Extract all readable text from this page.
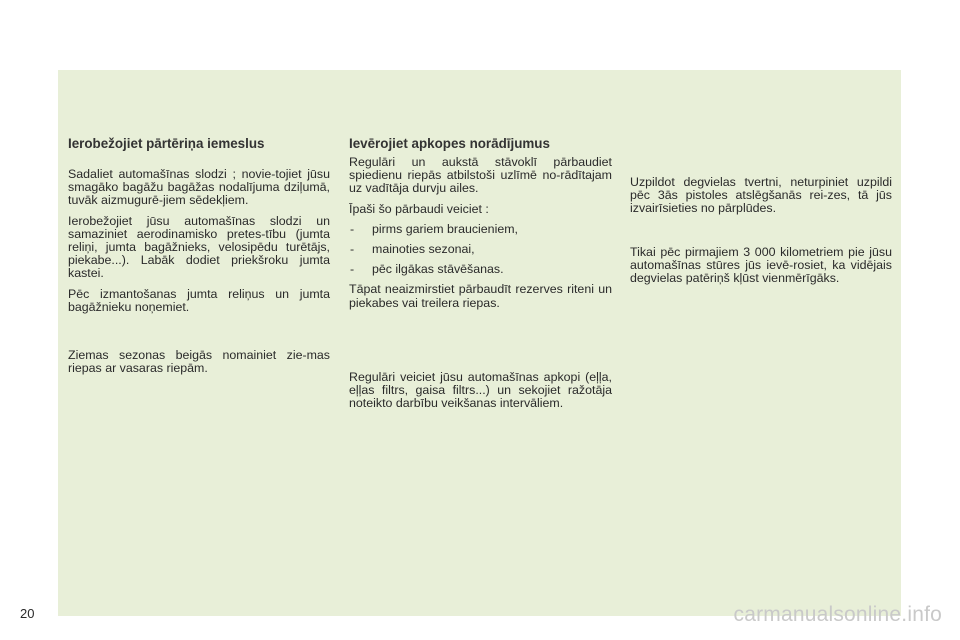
Ierobežojiet pārtēriņa iemeslus

Sadaliet automašīnas slodzi ; novie-tojiet jūsu smagāko bagāžu bagāžas nodalījuma dziļumā, tuvāk aizmugurē-jiem sēdekļiem.

Ierobežojiet jūsu automašīnas slodzi un samaziniet aerodinamisko pretes-tību (jumta reliņi, jumta bagāžnieks, velosipēdu turētājs, piekabe...). Labāk dodiet priekšroku jumta kastei.

Pēc izmantošanas jumta reliņus un jumta bagāžnieku noņemiet.

Ziemas sezonas beigās nomainiet zie-mas riepas ar vasaras riepām.

Ievērojiet apkopes norādījumus

Regulāri un aukstā stāvoklī pārbaudiet spiedienu riepās atbilstoši uzlīmē no-rādītajam uz vadītāja durvju ailes.

Īpaši šo pārbaudi veiciet :

- pirms gariem braucieniem,
- mainoties sezonai,
- pēc ilgākas stāvēšanas.

Tāpat neaizmirstiet pārbaudīt rezerves riteni un piekabes vai treilera riepas.

Regulāri veiciet jūsu automašīnas apkopi (eļļa, eļļas filtrs, gaisa filtrs...) un sekojiet ražotāja noteikto darbību veikšanas intervāliem.

Uzpildot degvielas tvertni, neturpiniet uzpildi pēc 3ās pistoles atslēgšanās rei-zes, tā jūs izvairīsieties no pārplūdes.

Tikai pēc pirmajiem 3 000 kilometriem pie jūsu automašīnas stūres jūs ievē-rosiet, ka vidējais degvielas patēriņš kļūst vienmērīgāks.

20	carmanualsonline.info
